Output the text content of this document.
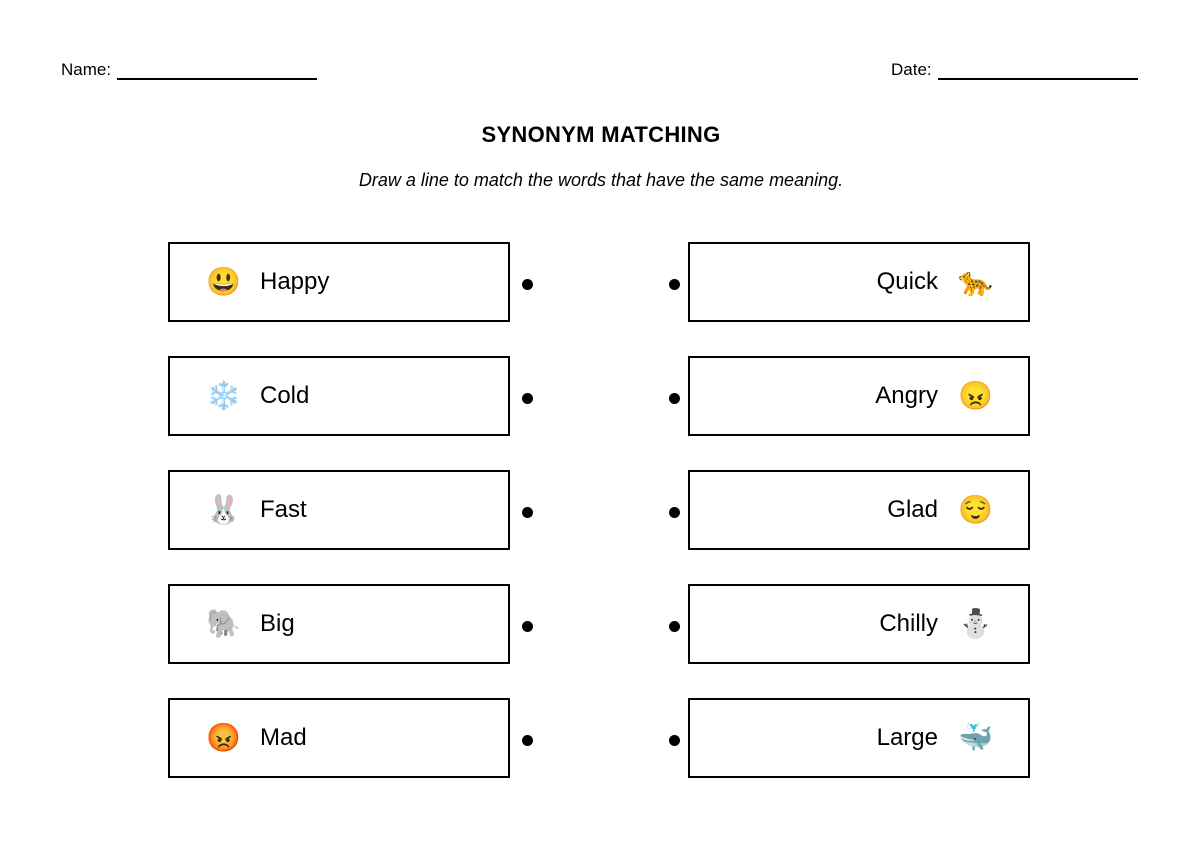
Name:	Date:
SYNONYM MATCHING
Draw a line to match the words that have the same meaning.
😃 Happy
❄️ Cold
🐰 Fast
🐘 Big
😡 Mad
Quick 🐆
Angry 😠
Glad 😌
Chilly ⛄
Large 🐳
